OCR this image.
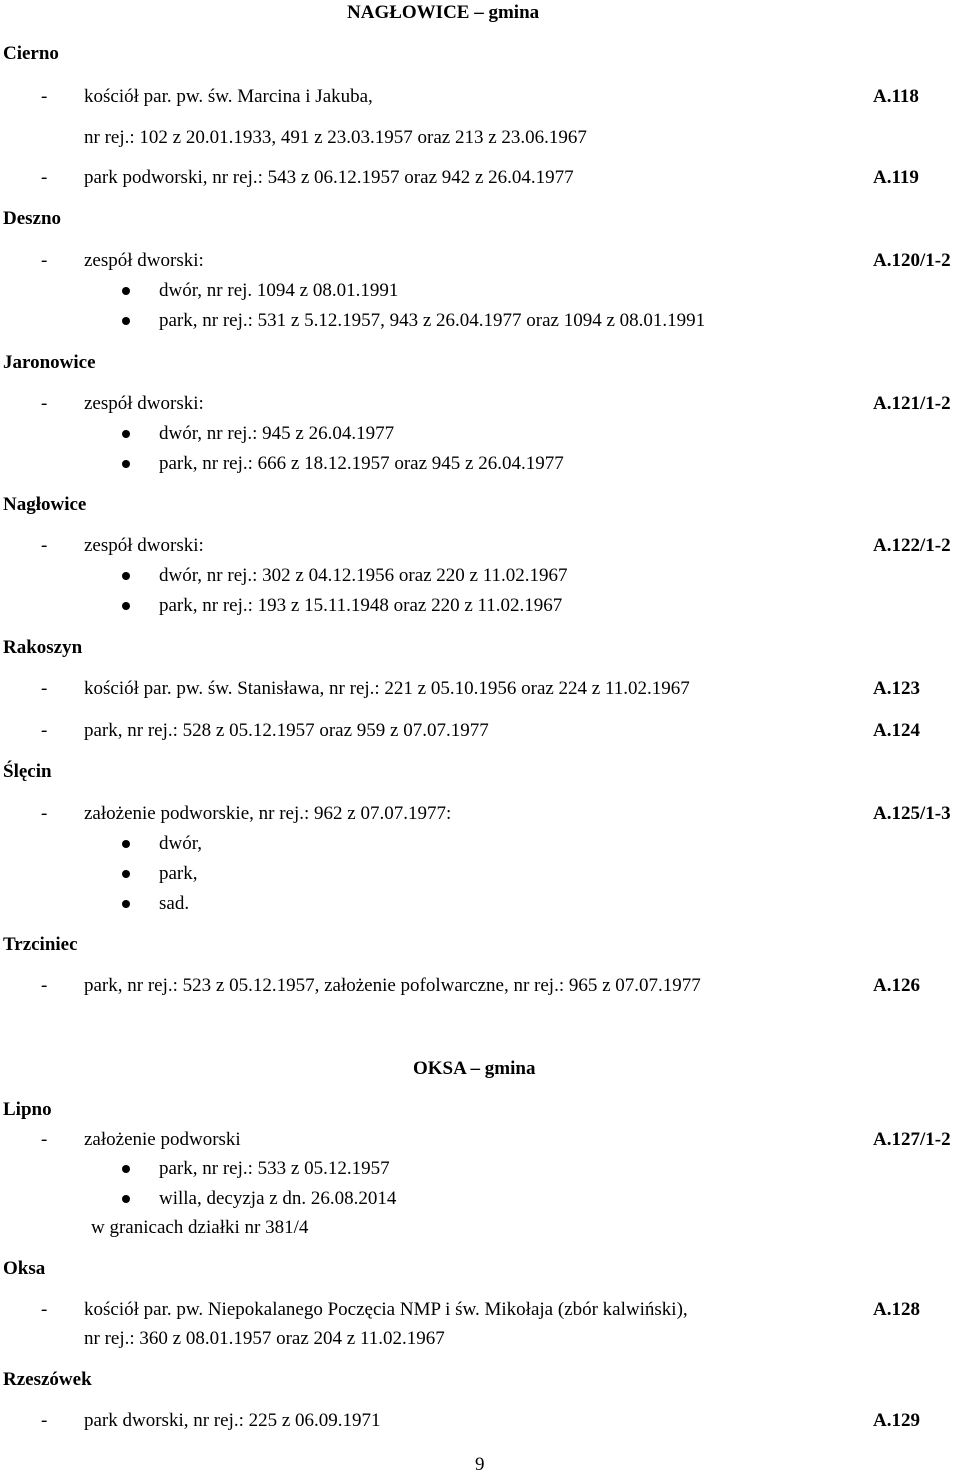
NAGŁOWICE – gmina
Cierno
- kościół par. pw. św. Marcina i Jakuba,	A.118
nr rej.: 102 z 20.01.1933, 491 z 23.03.1957 oraz 213 z 23.06.1967
- park podworski, nr rej.: 543 z 06.12.1957 oraz 942 z 26.04.1977	A.119
Deszno
- zespół dworski:	A.120/1-2
dwór, nr rej. 1094 z 08.01.1991
park, nr rej.: 531 z 5.12.1957, 943 z 26.04.1977 oraz 1094 z 08.01.1991
Jaronowice
- zespół dworski:	A.121/1-2
dwór, nr rej.: 945 z 26.04.1977
park, nr rej.: 666 z 18.12.1957 oraz 945 z 26.04.1977
Nagłowice
- zespół dworski:	A.122/1-2
dwór, nr rej.: 302 z 04.12.1956 oraz 220 z 11.02.1967
park, nr rej.: 193 z 15.11.1948 oraz 220 z 11.02.1967
Rakoszyn
- kościół par. pw. św. Stanisława, nr rej.: 221 z 05.10.1956 oraz 224 z 11.02.1967	A.123
- park, nr rej.: 528 z 05.12.1957 oraz 959 z 07.07.1977	A.124
Ślęcin
- założenie podworskie, nr rej.: 962 z 07.07.1977:	A.125/1-3
dwór,
park,
sad.
Trzciniec
- park, nr rej.: 523 z 05.12.1957, założenie pofolwarczne, nr rej.: 965 z 07.07.1977	A.126
OKSA – gmina
Lipno
- założenie podworski	A.127/1-2
park, nr rej.: 533 z 05.12.1957
willa, decyzja z dn. 26.08.2014
w granicach działki nr 381/4
Oksa
- kościół par. pw. Niepokalanego Poczęcia NMP i św. Mikołaja (zbór kalwiński),	A.128
nr rej.: 360 z 08.01.1957 oraz 204 z 11.02.1967
Rzeszówek
- park dworski, nr rej.: 225 z 06.09.1971	A.129
9
